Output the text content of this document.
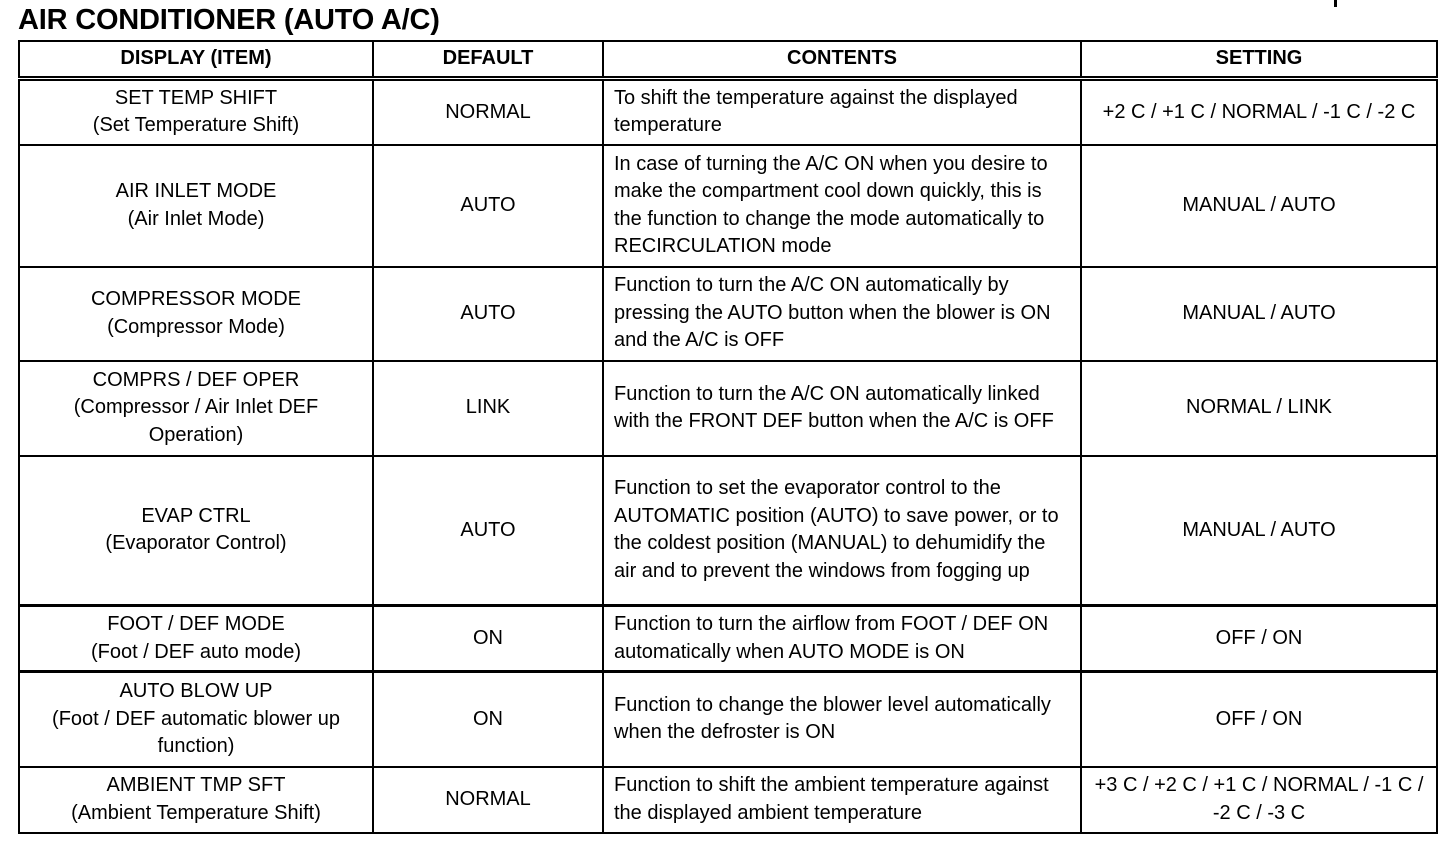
AIR CONDITIONER (AUTO A/C)
DISPLAY (ITEM)	DEFAULT	CONTENTS	SETTING

SET TEMP SHIFT
(Set Temperature Shift)	NORMAL	To shift the temperature against the displayed temperature	+2 C / +1 C / NORMAL / -1 C / -2 C

AIR INLET MODE
(Air Inlet Mode)	AUTO	In case of turning the A/C ON when you desire to make the compartment cool down quickly, this is the function to change the mode automatically to RECIRCULATION mode	MANUAL / AUTO

COMPRESSOR MODE
(Compressor Mode)	AUTO	Function to turn the A/C ON automatically by pressing the AUTO button when the blower is ON and the A/C is OFF	MANUAL / AUTO

COMPRS / DEF OPER
(Compressor / Air Inlet DEF Operation)	LINK	Function to turn the A/C ON automatically linked with the FRONT DEF button when the A/C is OFF	NORMAL / LINK

EVAP CTRL
(Evaporator Control)	AUTO	Function to set the evaporator control to the AUTOMATIC position (AUTO) to save power, or to the coldest position (MANUAL) to dehumidify the air and to prevent the windows from fogging up	MANUAL / AUTO

FOOT / DEF MODE
(Foot / DEF auto mode)	ON	Function to turn the airflow from FOOT / DEF ON automatically when AUTO MODE is ON	OFF / ON

AUTO BLOW UP
(Foot / DEF automatic blower up function)	ON	Function to change the blower level automatically when the defroster is ON	OFF / ON

AMBIENT TMP SFT
(Ambient Temperature Shift)	NORMAL	Function to shift the ambient temperature against the displayed ambient temperature	+3 C / +2 C / +1 C / NORMAL / -1 C / -2 C / -3 C
